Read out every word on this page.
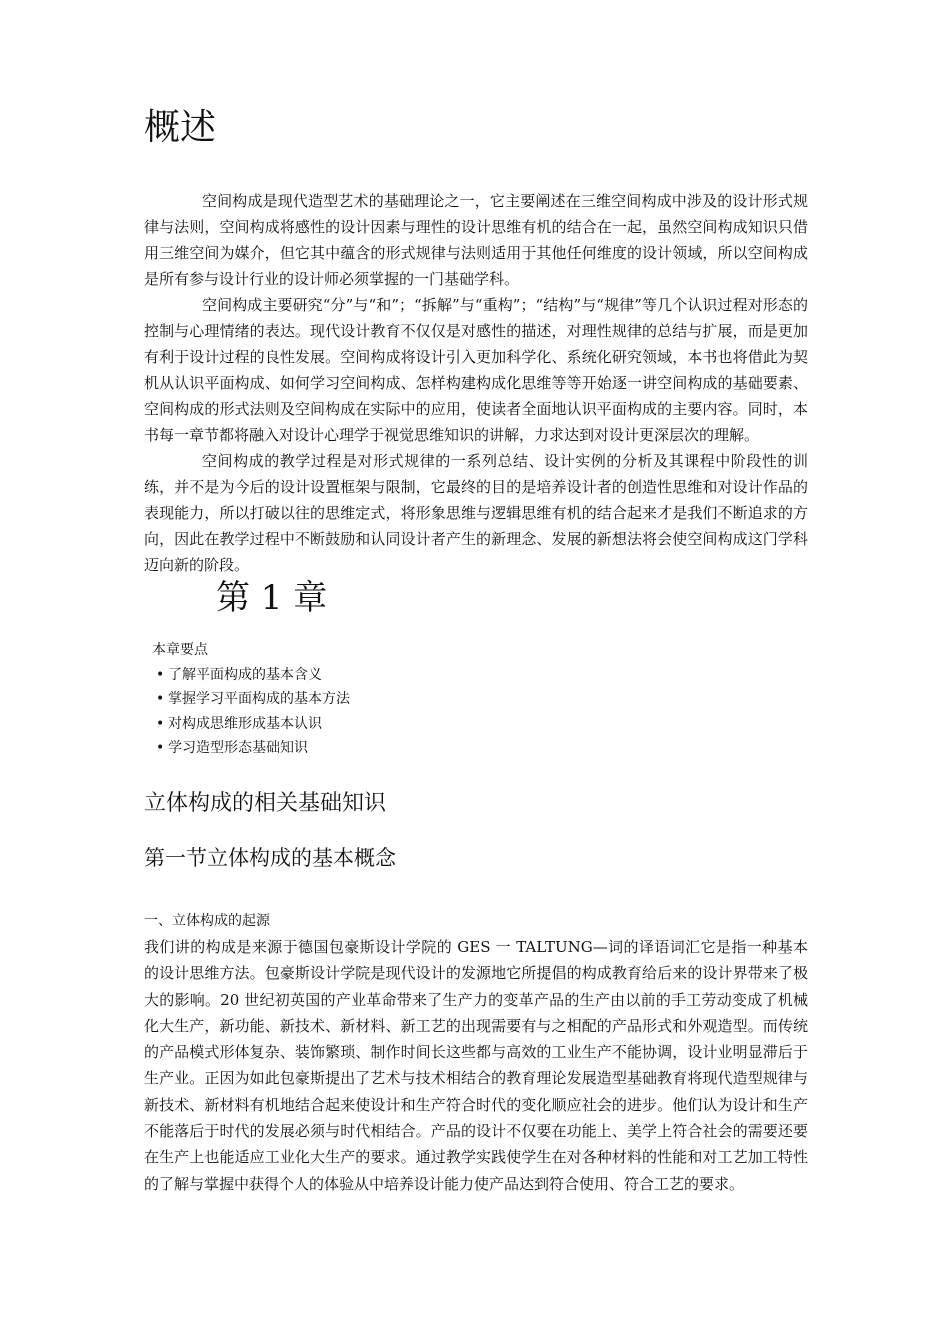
概述

空间构成是现代造型艺术的基础理论之一，它主要阐述在三维空间构成中涉及的设计形式规律与法则，空间构成将感性的设计因素与理性的设计思维有机的结合在一起，虽然空间构成知识只借用三维空间为媒介，但它其中蕴含的形式规律与法则适用于其他任何维度的设计领域，所以空间构成是所有参与设计行业的设计师必须掌握的一门基础学科。

空间构成主要研究“分”与“和”；“拆解”与“重构”；“结构”与“规律”等几个认识过程对形态的控制与心理情绪的表达。现代设计教育不仅仅是对感性的描述，对理性规律的总结与扩展，而是更加有利于设计过程的良性发展。空间构成将设计引入更加科学化、系统化研究领域，本书也将借此为契机从认识平面构成、如何学习空间构成、怎样构建构成化思维等等开始逐一讲空间构成的基础要素、空间构成的形式法则及空间构成在实际中的应用，使读者全面地认识平面构成的主要内容。同时，本书每一章节都将融入对设计心理学于视觉思维知识的讲解，力求达到对设计更深层次的理解。

空间构成的教学过程是对形式规律的一系列总结、设计实例的分析及其课程中阶段性的训练，并不是为今后的设计设置框架与限制，它最终的目的是培养设计者的创造性思维和对设计作品的表现能力，所以打破以往的思维定式，将形象思维与逻辑思维有机的结合起来才是我们不断追求的方向，因此在教学过程中不断鼓励和认同设计者产生的新理念、发展的新想法将会使空间构成这门学科迈向新的阶段。

第 1 章

本章要点

• 了解平面构成的基本含义
• 掌握学习平面构成的基本方法
• 对构成思维形成基本认识
• 学习造型形态基础知识
立体构成的相关基础知识
第一节立体构成的基本概念

一、立体构成的起源

我们讲的构成是来源于德国包豪斯设计学院的 GES 一 TALTUNG—词的译语词汇它是指一种基本的设计思维方法。包豪斯设计学院是现代设计的发源地它所提倡的构成教育给后来的设计界带来了极大的影响。20 世纪初英国的产业革命带来了生产力的变革产品的生产由以前的手工劳动变成了机械化大生产，新功能、新技术、新材料、新工艺的出现需要有与之相配的产品形式和外观造型。而传统的产品模式形体复杂、装饰繁琐、制作时间长这些都与高效的工业生产不能协调，设计业明显滞后于生产业。正因为如此包豪斯提出了艺术与技术相结合的教育理论发展造型基础教育将现代造型规律与新技术、新材料有机地结合起来使设计和生产符合时代的变化顺应社会的进步。他们认为设计和生产不能落后于时代的发展必须与时代相结合。产品的设计不仅要在功能上、美学上符合社会的需要还要在生产上也能适应工业化大生产的要求。通过教学实践使学生在对各种材料的性能和对工艺加工特性的了解与掌握中获得个人的体验从中培养设计能力使产品达到符合使用、符合工艺的要求。
